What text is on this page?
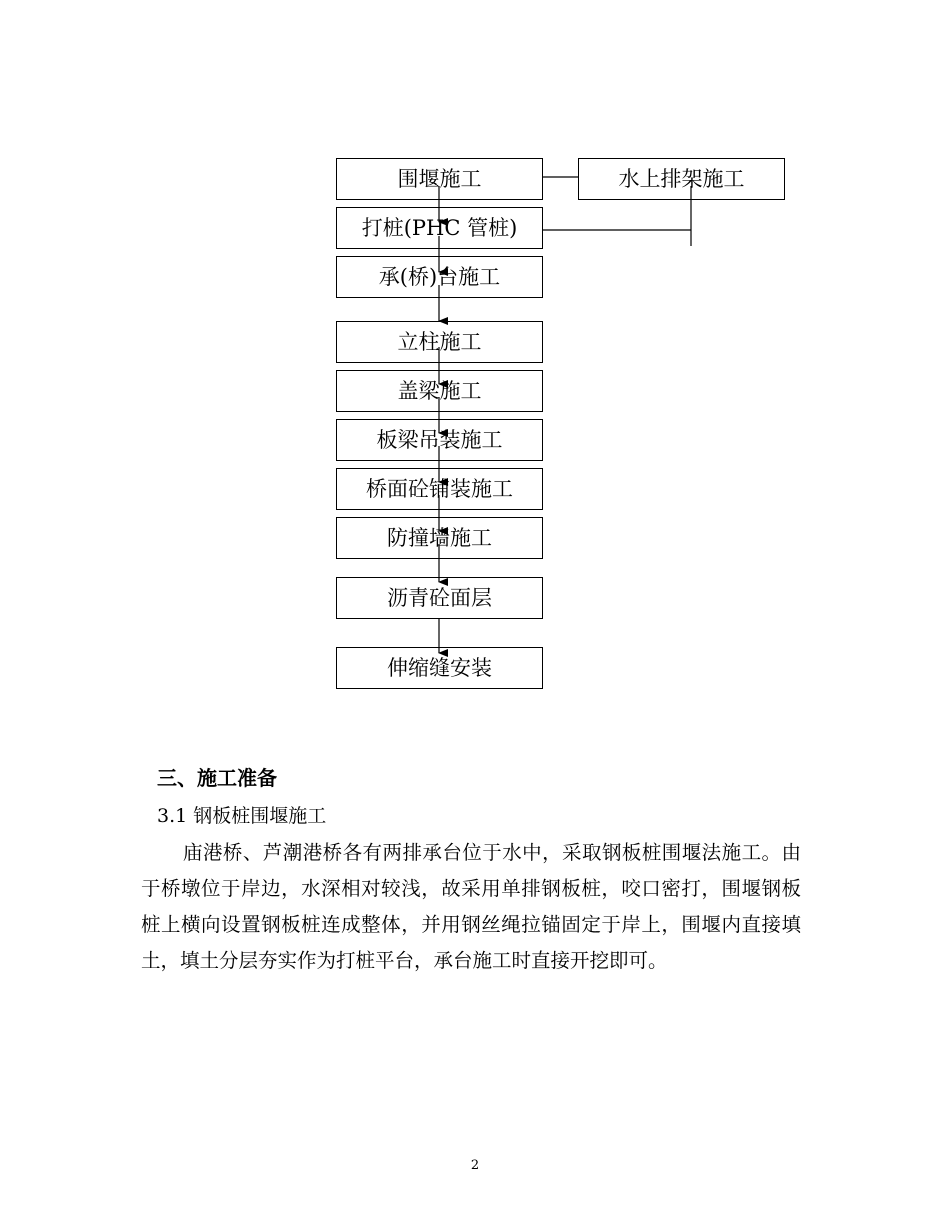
围堰施工	水上排架施工
打桩(PHC 管桩)
承(桥)台施工
立柱施工
盖梁施工
板梁吊装施工
桥面砼铺装施工
防撞墙施工
沥青砼面层
伸缩缝安装
三、施工准备
3.1 钢板桩围堰施工

庙港桥、芦潮港桥各有两排承台位于水中，采取钢板桩围堰法施工。由于桥墩位于岸边，水深相对较浅，故采用单排钢板桩，咬口密打，围堰钢板桩上横向设置钢板桩连成整体，并用钢丝绳拉锚固定于岸上，围堰内直接填土，填土分层夯实作为打桩平台，承台施工时直接开挖即可。

2
